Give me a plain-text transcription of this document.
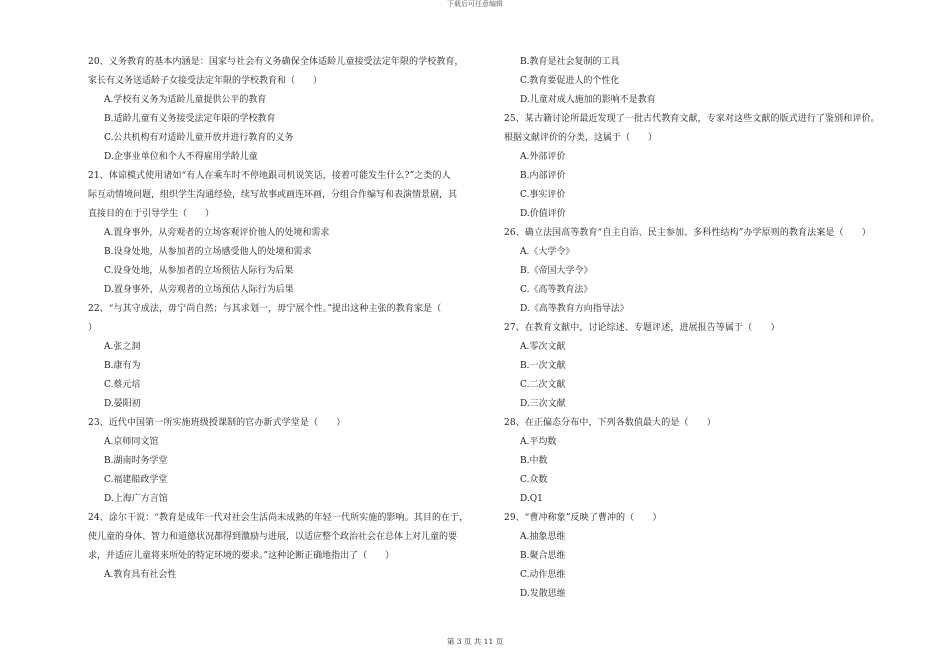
下载后可任意编辑
20、义务教育的基本内涵是：国家与社会有义务确保全体适龄儿童接受法定年限的学校教育，
家长有义务送适龄子女接受法定年限的学校教育和（　　）
A.学校有义务为适龄儿童提供公平的教育
B.适龄儿童有义务接受法定年限的学校教育
C.公共机构有对适龄儿童开放并进行教育的义务
D.企事业单位和个人不得雇用学龄儿童
21、体谅模式使用诸如“有人在乘车时不停地跟司机说笑话，接着可能发生什么?”之类的人
际互动情境问题，组织学生沟通经验，续写故事或画连环画，分组合作编写和表演情景剧，其
直接目的在于引导学生（　　）
A.置身事外，从旁观者的立场客观评价他人的处境和需求
B.设身处地，从参加者的立场感受他人的处境和需求
C.设身处地，从参加者的立场预估人际行为后果
D.置身事外，从旁观者的立场预估人际行为后果
22、“与其守成法，毋宁尚自然；与其求划一，毋宁展个性。”提出这种主张的教育家是（
）
A.张之洞
B.康有为
C.蔡元培
D.晏阳初
23、近代中国第一所实施班级授课制的官办新式学堂是（　　）
A.京师同文馆
B.湖南时务学堂
C.福建船政学堂
D.上海广方言馆
24、涂尔干说：“教育是成年一代对社会生活尚未成熟的年轻一代所实施的影响。其目的在于，
使儿童的身体、智力和道德状况都得到激励与进展，以适应整个政治社会在总体上对儿童的要
求，并适应儿童将来所处的特定环境的要求。”这种论断正确地指出了（　　）
A.教育具有社会性
B.教育是社会复制的工具
C.教育要促进人的个性化
D.儿童对成人施加的影响不是教育
25、某古籍讨论所最近发现了一批古代教育文献，专家对这些文献的版式进行了鉴别和评价。
根据文献评价的分类，这属于（　　）
A.外部评价
B.内部评价
C.事实评价
D.价值评价
26、确立法国高等教育“自主自治、民主参加、多科性结构”办学原则的教育法案是（　　）
A.《大学令》
B.《帝国大学令》
C.《高等教育法》
D.《高等教育方向指导法》
27、在教育文献中，讨论综述、专题评述，进展报告等属于（　　）
A.零次文献
B.一次文献
C.二次文献
D.三次文献
28、在正偏态分布中，下列各数值最大的是（　　）
A.平均数
B.中数
C.众数
D.Q1
29、“曹冲称象”反映了曹冲的（　　）
A.抽象思维
B.聚合思维
C.动作思维
D.发散思维
第 3 页 共 11 页
